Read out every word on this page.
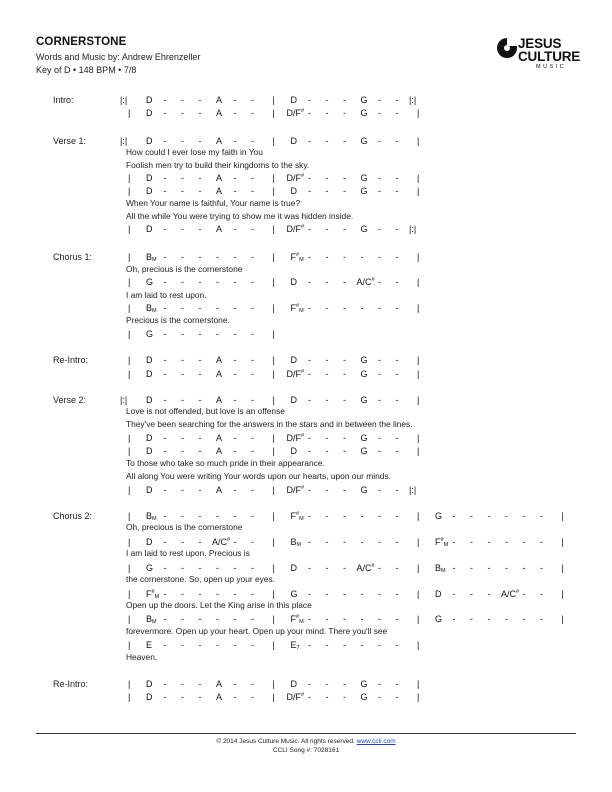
CORNERSTONE
Words and Music by: Andrew Ehrenzeller
Key of D • 148 BPM • 7/8
JESUS
CULTURE
MUSIC
Intro:
Verse 1:
Chorus 1:
Re-Intro:
Verse 2:
Chorus 2:
Re-Intro:
How could I ever lose my faith in You
Foolish men try to build their kingdoms to the sky.
When Your name is faithful, Your name is true?
All the while You were trying to show me it was hidden inside.
Oh, precious is the cornerstone
I am laid to rest upon.
Precious is the cornerstone.
Love is not offended, but love is an offense
They've been searching for the answers in the stars and in between the lines.
To those who take so much pride in their appearance.
All along You were writing Your words upon our hearts, upon our minds.
Oh, precious is the cornerstone
I am laid to rest upon. Precious is
the cornerstone. So, open up your eyes.
Open up the doors. Let the King arise in this place
forevermore. Open up your heart. Open up your mind. There you'll see
Heaven.
|:| D - - - A - - | D - - - G - - |:|
| D - - - A - - | D/F# - - - G - - |
|:| D - - - A - - | D - - - G - - |
| D - - - A - - | D/F# - - - G - - |
| D - - - A - - | D - - - G - - |
| D - - - A - - | D/F# - - - G - - |:|
| $B_M$ - - - - - - | $F^{\#}_M$ - - - - - - |
| G - - - - - - | D - - - A/C# - - |
| $B_M$ - - - - - - | $F^{\#}_M$ - - - - - - |
| G - - - - - - |
| D - - - A - - | D - - - G - - |
| D - - - A - - | D/F# - - - G - - |
|:| D - - - A - - | D - - - G - - |
| D - - - A - - | D/F# - - - G - - |
| D - - - A - - | D - - - G - - |
| D - - - A - - | D/F# - - - G - - |:|
| $B_M$ - - - - - - | $F^{\#}_M$ - - - - - - | G - - - - - - |
| D - - - A/C# - - | $B_M$ - - - - - - | $F^{\#}_M$ - - - - - - |
| G - - - - - - | D - - - A/C# - - | $B_M$ - - - - - - |
| $F^{\#}_M$ - - - - - - | G - - - - - - | D - - - A/C# - - |
| $B_M$ - - - - - - | $F^{\#}_M$ - - - - - - | G - - - - - - |
| E - - - - - - | E₇ - - - - - - |
| D - - - A - - | D - - - G - - |
| D - - - A - - | D/F# - - - G - - |
© 2014 Jesus Culture Music. All rights reserved. www.ccli.com
CCLI Song #: 7028161
